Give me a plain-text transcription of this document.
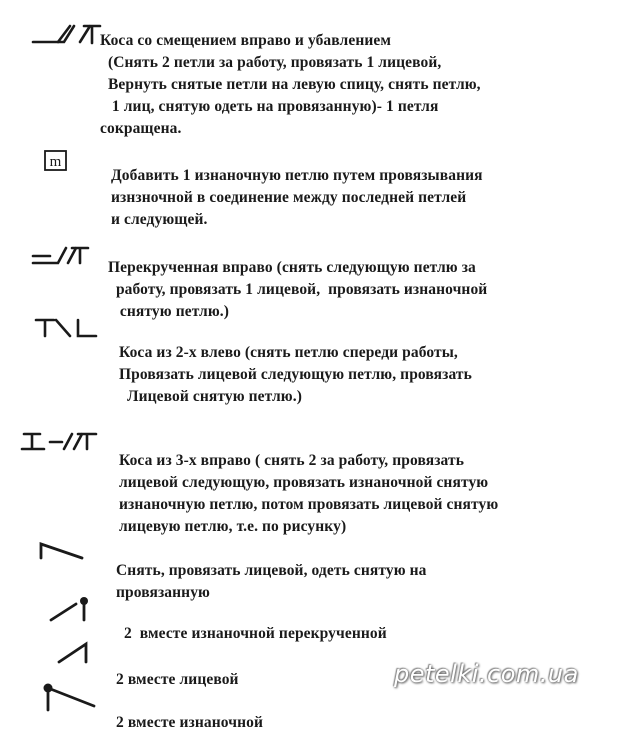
Коса со смещением вправо и убавлением
(Снять 2 петли за работу, провязать 1 лицевой,
Вернуть снятые петли на левую спицу, снять петлю,
1 лиц, снятую одеть на провязанную)- 1 петля
сокращена.
m

Добавить 1 изнаночную петлю путем провязывания
изнзночной в соединение между последней петлей
и следующей.

Перекрученная вправо (снять следующую петлю за
работу, провязать 1 лицевой,  провязать изнаночной
снятую петлю.)

Коса из 2-х влево (снять петлю спереди работы,
Провязать лицевой следующую петлю, провязать
Лицевой снятую петлю.)

Коса из 3-х вправо ( снять 2 за работу, провязать
лицевой следующую, провязать изнаночной снятую
изнаночную петлю, потом провязать лицевой снятую
лицевую петлю, т.е. по рисунку)

Снять, провязать лицевой, одеть снятую на
провязанную

2  вместе изнаночной перекрученной

2 вместе лицевой

2 вместе изнаночной
petelki.com.ua
